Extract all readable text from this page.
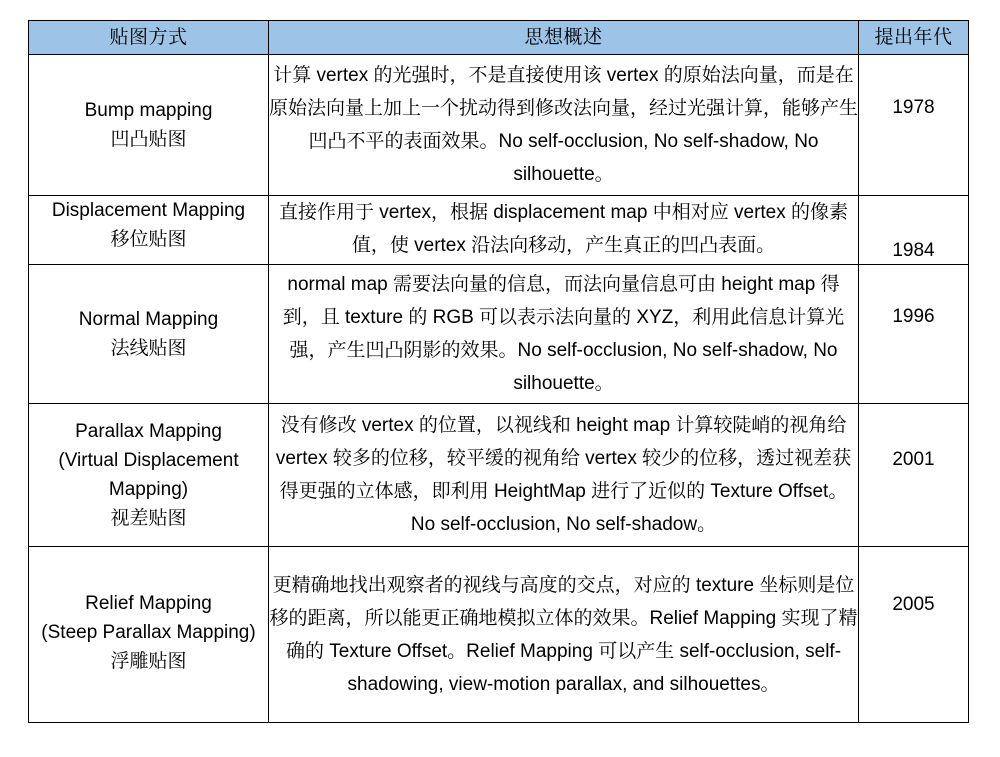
贴图方式	思想概述	提出年代

Bump mapping
凹凸贴图	计算 vertex 的光强时，不是直接使用该 vertex 的原始法向量，而是在原始法向量上加上一个扰动得到修改法向量，经过光强计算，能够产生凹凸不平的表面效果。No self-occlusion, No self-shadow, No silhouette。	1978

Displacement Mapping
移位贴图	直接作用于 vertex，根据 displacement map 中相对应 vertex 的像素值，使 vertex 沿法向移动，产生真正的凹凸表面。	1984

Normal Mapping
法线贴图	normal map 需要法向量的信息，而法向量信息可由 height map 得到，且 texture 的 RGB 可以表示法向量的 XYZ，利用此信息计算光强，产生凹凸阴影的效果。No self-occlusion, No self-shadow, No silhouette。	1996

Parallax Mapping
(Virtual Displacement Mapping)
视差贴图	没有修改 vertex 的位置，以视线和 height map 计算较陡峭的视角给 vertex 较多的位移，较平缓的视角给 vertex 较少的位移，透过视差获得更强的立体感，即利用 HeightMap 进行了近似的 Texture Offset。No self-occlusion, No self-shadow。	2001

Relief Mapping
(Steep Parallax Mapping)
浮雕贴图	更精确地找出观察者的视线与高度的交点，对应的 texture 坐标则是位移的距离，所以能更正确地模拟立体的效果。Relief Mapping 实现了精确的 Texture Offset。Relief Mapping 可以产生 self-occlusion, self-shadowing, view-motion parallax, and silhouettes。	2005
